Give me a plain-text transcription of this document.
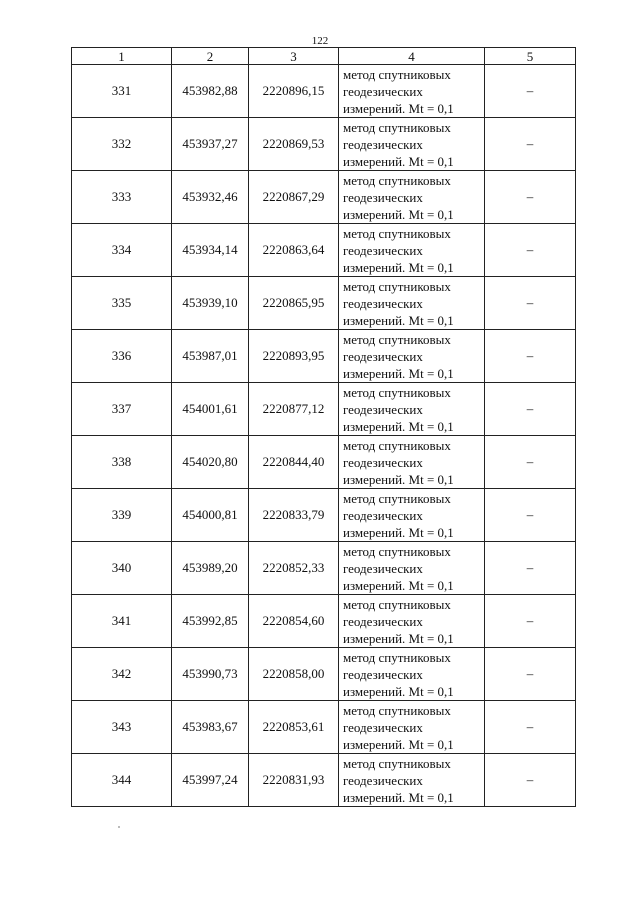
122
1	2	3	4	5
331	453982,88	2220896,15	метод спутниковых
геодезических
измерений. Mt = 0,1	–
332	453937,27	2220869,53	метод спутниковых
геодезических
измерений. Mt = 0,1	–
333	453932,46	2220867,29	метод спутниковых
геодезических
измерений. Mt = 0,1	–
334	453934,14	2220863,64	метод спутниковых
геодезических
измерений. Mt = 0,1	–
335	453939,10	2220865,95	метод спутниковых
геодезических
измерений. Mt = 0,1	–
336	453987,01	2220893,95	метод спутниковых
геодезических
измерений. Mt = 0,1	–
337	454001,61	2220877,12	метод спутниковых
геодезических
измерений. Mt = 0,1	–
338	454020,80	2220844,40	метод спутниковых
геодезических
измерений. Mt = 0,1	–
339	454000,81	2220833,79	метод спутниковых
геодезических
измерений. Mt = 0,1	–
340	453989,20	2220852,33	метод спутниковых
геодезических
измерений. Mt = 0,1	–
341	453992,85	2220854,60	метод спутниковых
геодезических
измерений. Mt = 0,1	–
342	453990,73	2220858,00	метод спутниковых
геодезических
измерений. Mt = 0,1	–
343	453983,67	2220853,61	метод спутниковых
геодезических
измерений. Mt = 0,1	–
344	453997,24	2220831,93	метод спутниковых
геодезических
измерений. Mt = 0,1	–
